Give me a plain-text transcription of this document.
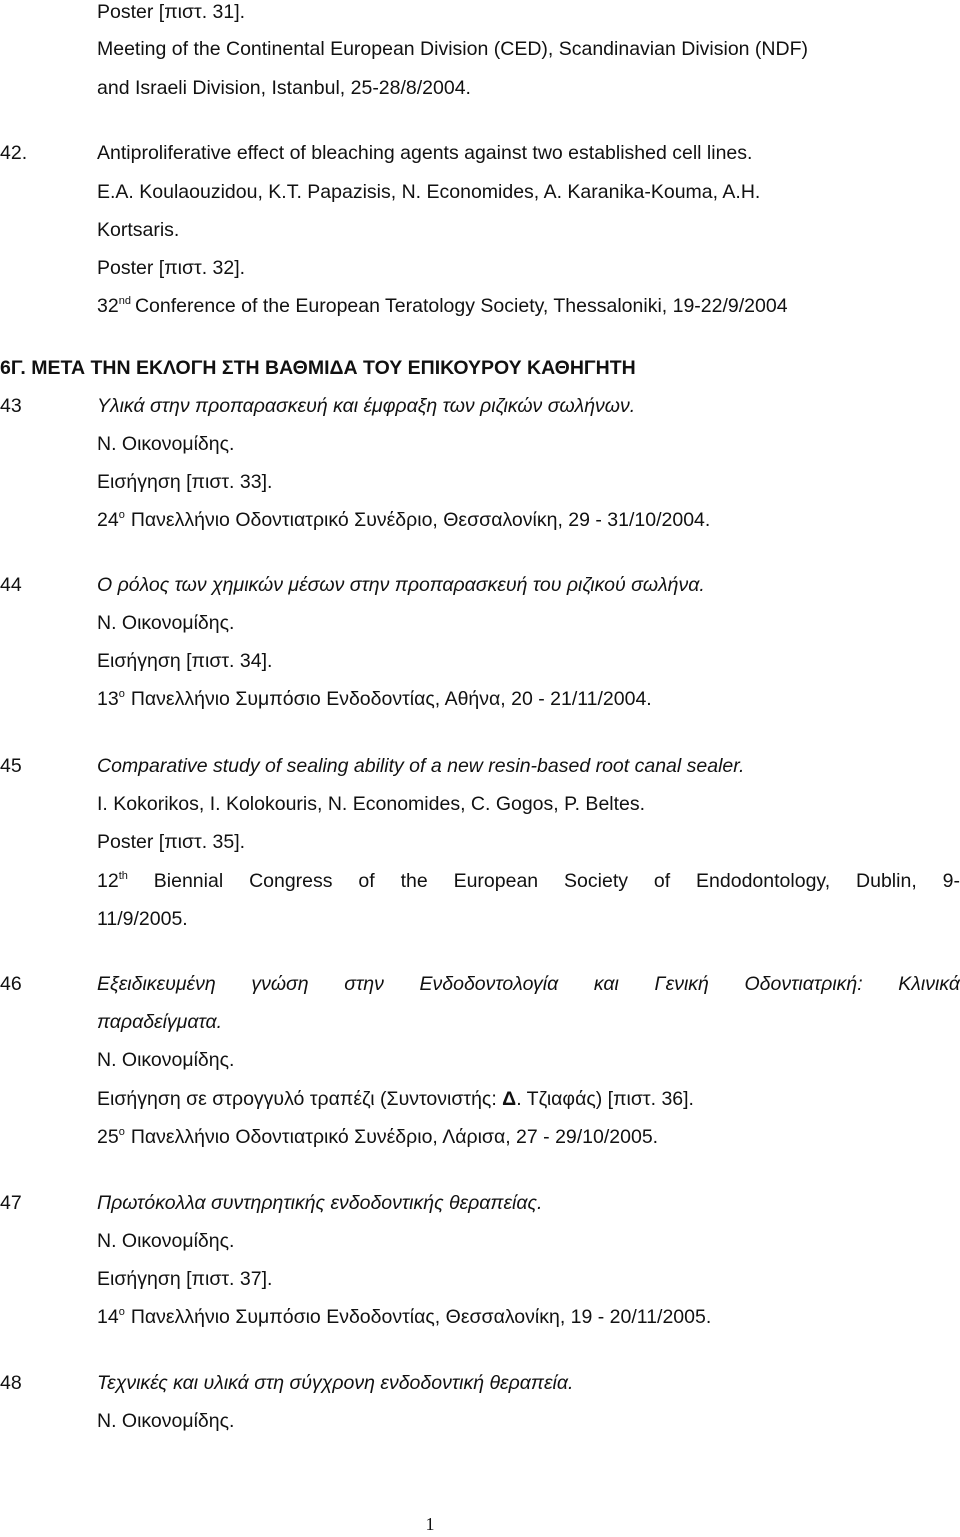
Poster [πιστ. 31].
Meeting of the Continental European Division (CED), Scandinavian Division (NDF)
and Israeli Division, Istanbul, 25-28/8/2004.
42.	Antiproliferative effect of bleaching agents against two established cell lines.
E.A. Koulaouzidou, K.T. Papazisis, N. Economides, A. Karanika-Kouma, A.H.
Kortsaris.
Poster [πιστ. 32].
32nd Conference of the European Teratology Society, Thessaloniki, 19-22/9/2004
6Γ. ΜΕΤΑ ΤΗΝ ΕΚΛΟΓΗ ΣΤΗ ΒΑΘΜΙΔΑ ΤΟΥ ΕΠΙΚΟΥΡΟΥ ΚΑΘΗΓΗΤΗ
43	Υλικά στην προπαρασκευή και έμφραξη των ριζικών σωλήνων.
Ν. Οικονομίδης.
Εισήγηση [πιστ. 33].
$24^o$ Πανελλήνιο Οδοντιατρικό Συνέδριο, Θεσσαλονίκη, 29 - 31/10/2004.
44	Ο ρόλος των χημικών μέσων στην προπαρασκευή του ριζικού σωλήνα.
Ν. Οικονομίδης.
Εισήγηση [πιστ. 34].
$13^o$ Πανελλήνιο Συμπόσιο Ενδοδοντίας, Αθήνα, 20 - 21/11/2004.
45	Comparative study of sealing ability of a new resin-based root canal sealer.
I. Kokorikos, I. Kolokouris, N. Economides, C. Gogos, P. Beltes.
Poster [πιστ. 35].
12th Biennial Congress of the European Society of Endodontology, Dublin, 9-
11/9/2005.
46	Εξειδικευμένη γνώση στην Ενδοδοντολογία και Γενική Οδοντιατρική: Κλινικά
παραδείγματα.
Ν. Οικονομίδης.
Εισήγηση σε στρογγυλό τραπέζι (Συντονιστής: Δ. Τζιαφάς) [πιστ. 36].
$25^o$ Πανελλήνιο Οδοντιατρικό Συνέδριο, Λάρισα, 27 - 29/10/2005.
47	Πρωτόκολλα συντηρητικής ενδοδοντικής θεραπείας.
Ν. Οικονομίδης.
Εισήγηση [πιστ. 37].
$14^o$ Πανελλήνιο Συμπόσιο Ενδοδοντίας, Θεσσαλονίκη, 19 - 20/11/2005.
48	Τεχνικές και υλικά στη σύγχρονη ενδοδοντική θεραπεία.
Ν. Οικονομίδης.
1
